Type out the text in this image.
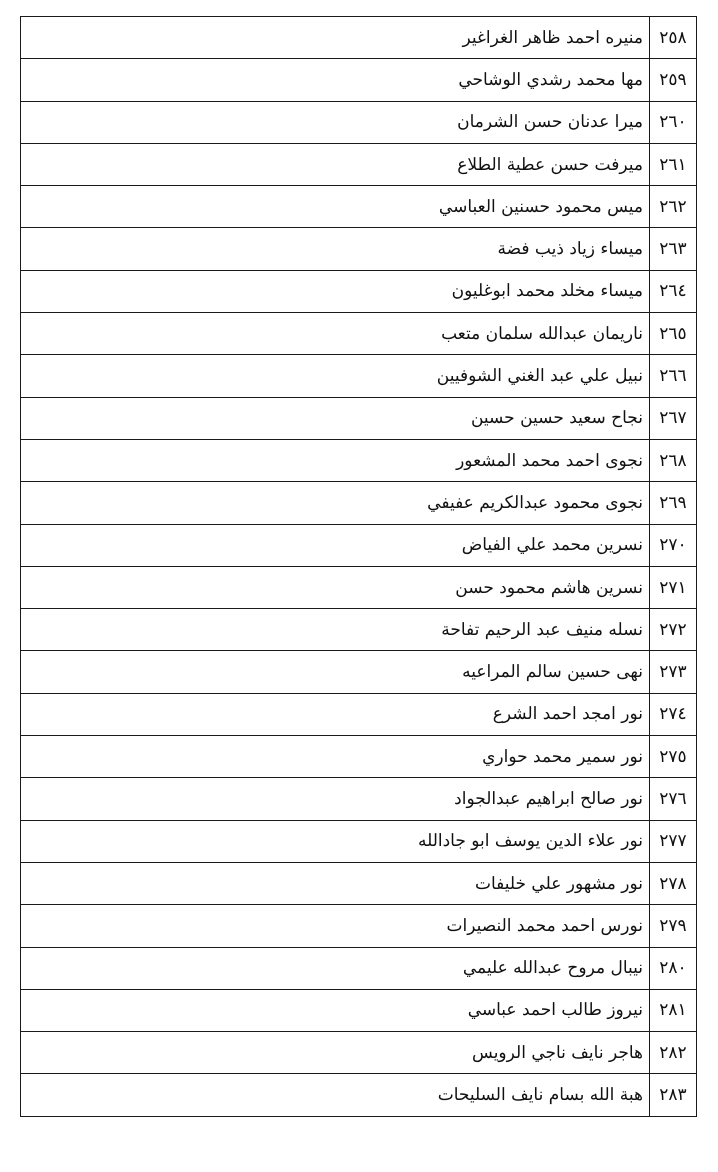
٢٥٨	منيره احمد ظاهر الغراغير
٢٥٩	مها محمد رشدي الوشاحي
٢٦٠	ميرا عدنان حسن الشرمان
٢٦١	ميرفت حسن عطية الطلاع
٢٦٢	ميس محمود حسنين العباسي
٢٦٣	ميساء زياد ذيب فضة
٢٦٤	ميساء مخلد محمد ابوغليون
٢٦٥	ناريمان عبدالله سلمان متعب
٢٦٦	نبيل علي عبد الغني الشوفيين
٢٦٧	نجاح سعيد حسين حسين
٢٦٨	نجوى احمد محمد المشعور
٢٦٩	نجوى محمود عبدالكريم عفيفي
٢٧٠	نسرين محمد علي الفياض
٢٧١	نسرين هاشم محمود حسن
٢٧٢	نسله منيف عبد الرحيم تفاحة
٢٧٣	نهى حسين سالم المراعيه
٢٧٤	نور امجد احمد الشرع
٢٧٥	نور سمير محمد حواري
٢٧٦	نور صالح ابراهيم عبدالجواد
٢٧٧	نور علاء الدين يوسف ابو جادالله
٢٧٨	نور مشهور علي خليفات
٢٧٩	نورس احمد محمد النصيرات
٢٨٠	نيبال مروح عبدالله عليمي
٢٨١	نيروز طالب احمد عباسي
٢٨٢	هاجر نايف ناجي الرويس
٢٨٣	هبة الله بسام نايف السليحات
